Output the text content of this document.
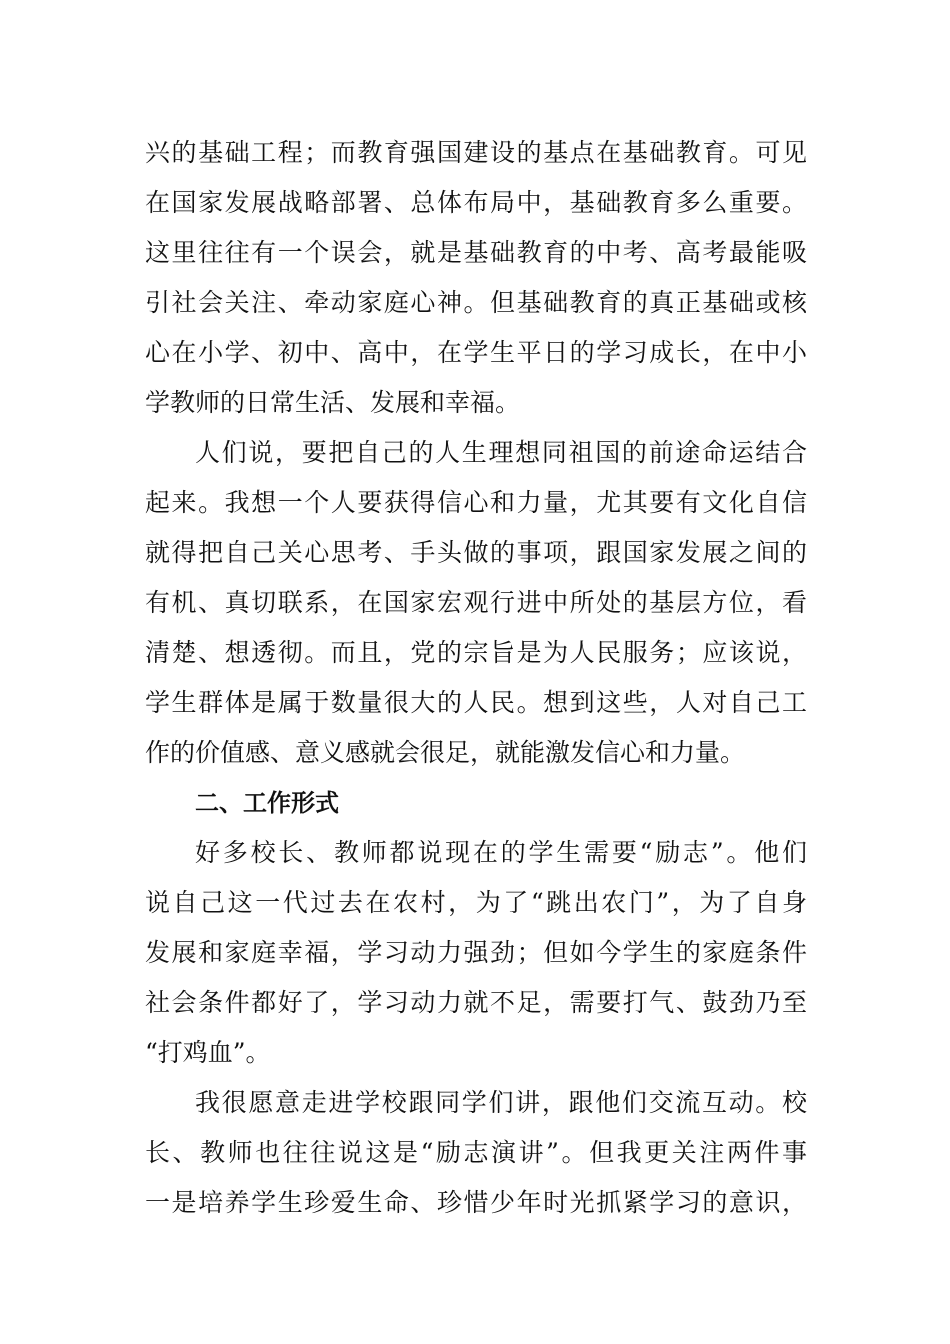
兴的基础工程；而教育强国建设的基点在基础教育。可见
在国家发展战略部署、总体布局中，基础教育多么重要。
这里往往有一个误会，就是基础教育的中考、高考最能吸
引社会关注、牵动家庭心神。但基础教育的真正基础或核
心在小学、初中、高中，在学生平日的学习成长，在中小
学教师的日常生活、发展和幸福。
人们说，要把自己的人生理想同祖国的前途命运结合
起来。我想一个人要获得信心和力量，尤其要有文化自信
就得把自己关心思考、手头做的事项，跟国家发展之间的
有机、真切联系，在国家宏观行进中所处的基层方位，看
清楚、想透彻。而且，党的宗旨是为人民服务；应该说，
学生群体是属于数量很大的人民。想到这些，人对自己工
作的价值感、意义感就会很足，就能激发信心和力量。
二、工作形式
好多校长、教师都说现在的学生需要“励志”。他们
说自己这一代过去在农村，为了“跳出农门”，为了自身
发展和家庭幸福，学习动力强劲；但如今学生的家庭条件
社会条件都好了，学习动力就不足，需要打气、鼓劲乃至
“打鸡血”。
我很愿意走进学校跟同学们讲，跟他们交流互动。校
长、教师也往往说这是“励志演讲”。但我更关注两件事
一是培养学生珍爱生命、珍惜少年时光抓紧学习的意识，
